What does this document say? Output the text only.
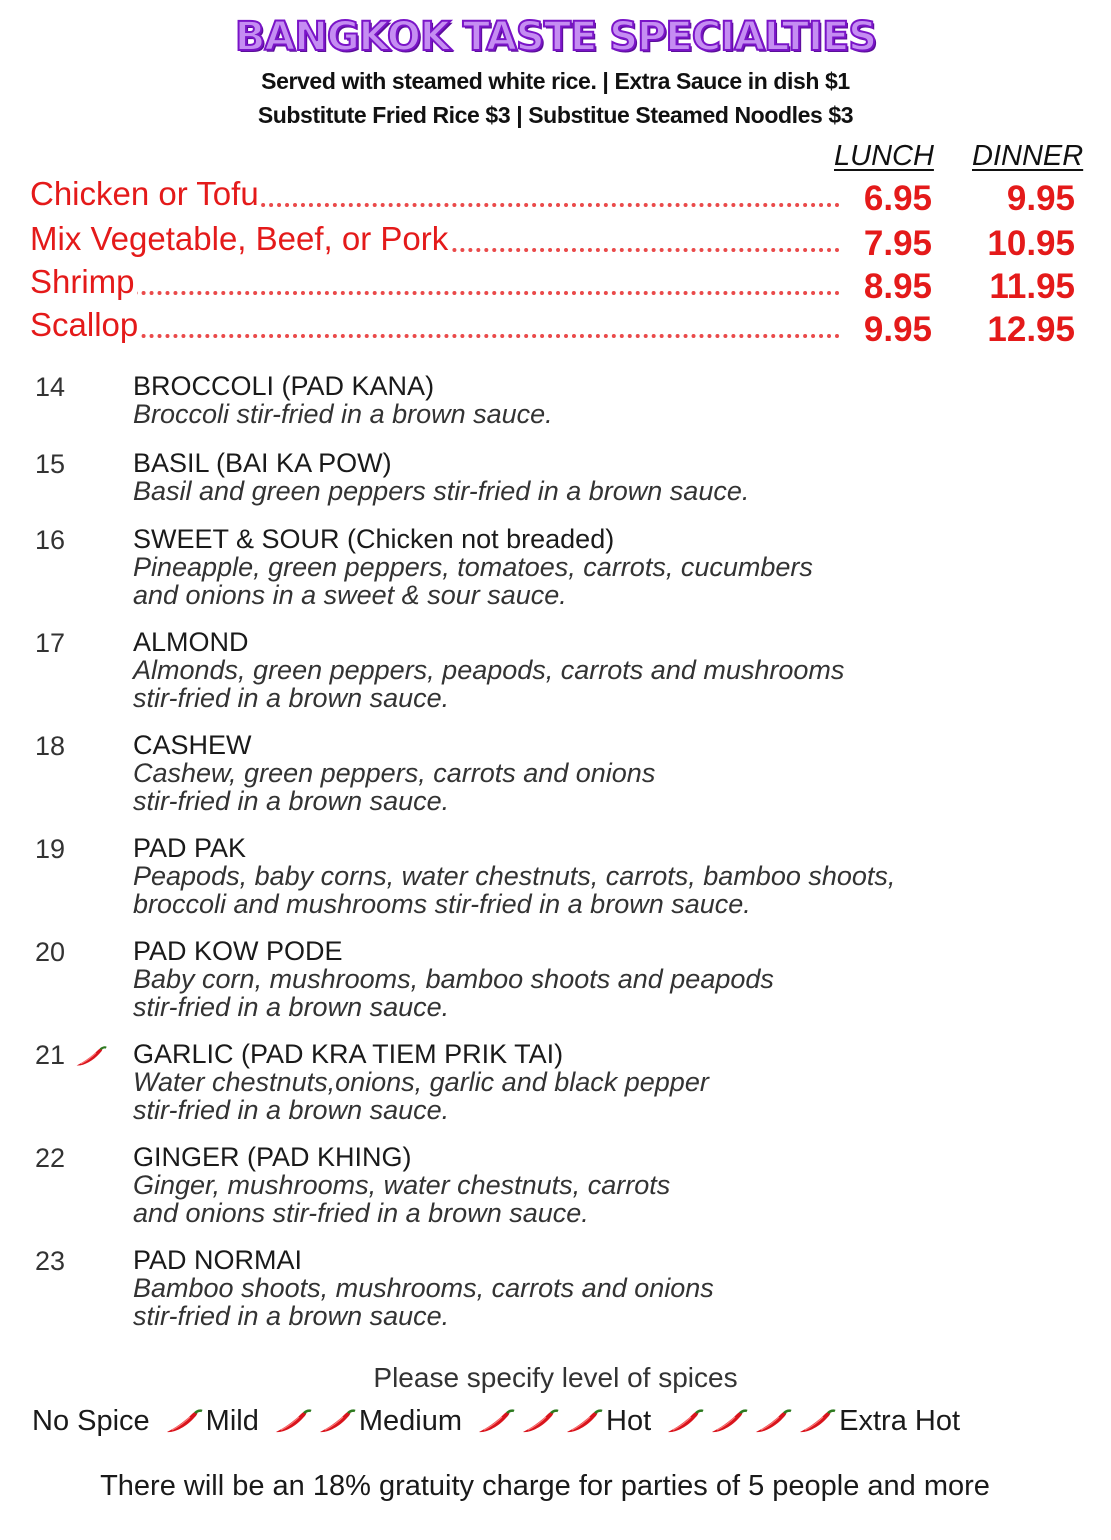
BANGKOK TASTE SPECIALTIES
Served with steamed white rice. | Extra Sauce in dish $1
Substitute Fried Rice $3 | Substitue Steamed Noodles $3
LUNCH DINNER
Chicken or Tofu	6.95 9.95
Mix Vegetable, Beef, or Pork	7.95 10.95
Shrimp	8.95 11.95
Scallop	9.95 12.95
14	BROCCOLI (PAD KANA)
Broccoli stir-fried in a brown sauce.
15	BASIL (BAI KA POW)
Basil and green peppers stir-fried in a brown sauce.
16	SWEET & SOUR (Chicken not breaded)
Pineapple, green peppers, tomatoes, carrots, cucumbers
and onions in a sweet & sour sauce.
17	ALMOND
Almonds, green peppers, peapods, carrots and mushrooms
stir-fried in a brown sauce.
18	CASHEW
Cashew, green peppers, carrots and onions
stir-fried in a brown sauce.
19	PAD PAK
Peapods, baby corns, water chestnuts, carrots, bamboo shoots,
broccoli and mushrooms stir-fried in a brown sauce.
20	PAD KOW PODE
Baby corn, mushrooms, bamboo shoots and peapods
stir-fried in a brown sauce.
21	GARLIC (PAD KRA TIEM PRIK TAI)
Water chestnuts,onions, garlic and black pepper
stir-fried in a brown sauce.
22	GINGER (PAD KHING)
Ginger, mushrooms, water chestnuts, carrots
and onions stir-fried in a brown sauce.
23	PAD NORMAI
Bamboo shoots, mushrooms, carrots and onions
stir-fried in a brown sauce.
Please specify level of spices
No Spice Mild	Medium	Hot	Extra Hot
There will be an 18% gratuity charge for parties of 5 people and more
